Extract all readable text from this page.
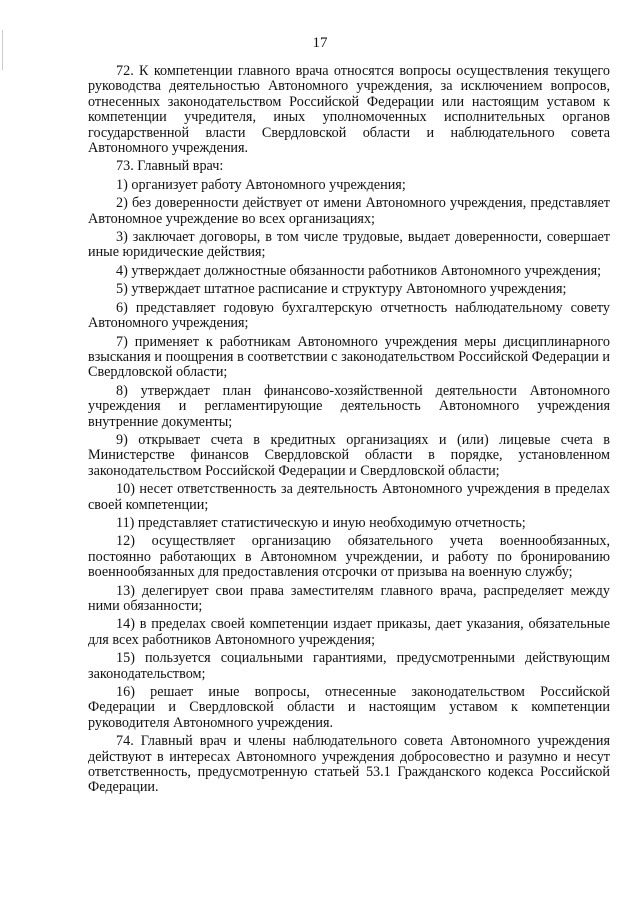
17

72. К компетенции главного врача относятся вопросы осуществления текущего руководства деятельностью Автономного учреждения, за исключением вопросов, отнесенных законодательством Российской Федерации или настоящим уставом к компетенции учредителя, иных уполномоченных исполнительных органов государственной власти Свердловской области и наблюдательного совета Автономного учреждения.

73. Главный врач:

1) организует работу Автономного учреждения;

2) без доверенности действует от имени Автономного учреждения, представляет Автономное учреждение во всех организациях;

3) заключает договоры, в том числе трудовые, выдает доверенности, совершает иные юридические действия;

4) утверждает должностные обязанности работников Автономного учреждения;

5) утверждает штатное расписание и структуру Автономного учреждения;

6) представляет годовую бухгалтерскую отчетность наблюдательному совету Автономного учреждения;

7) применяет к работникам Автономного учреждения меры дисциплинарного взыскания и поощрения в соответствии с законодательством Российской Федерации и Свердловской области;

8) утверждает план финансово-хозяйственной деятельности Автономного учреждения и регламентирующие деятельность Автономного учреждения внутренние документы;

9) открывает счета в кредитных организациях и (или) лицевые счета в Министерстве финансов Свердловской области в порядке, установленном законодательством Российской Федерации и Свердловской области;

10) несет ответственность за деятельность Автономного учреждения в пределах своей компетенции;

11) представляет статистическую и иную необходимую отчетность;

12) осуществляет организацию обязательного учета военнообязанных, постоянно работающих в Автономном учреждении, и работу по бронированию военнообязанных для предоставления отсрочки от призыва на военную службу;

13) делегирует свои права заместителям главного врача, распределяет между ними обязанности;

14) в пределах своей компетенции издает приказы, дает указания, обязательные для всех работников Автономного учреждения;

15) пользуется социальными гарантиями, предусмотренными действующим законодательством;

16) решает иные вопросы, отнесенные законодательством Российской Федерации и Свердловской области и настоящим уставом к компетенции руководителя Автономного учреждения.

74. Главный врач и члены наблюдательного совета Автономного учреждения действуют в интересах Автономного учреждения добросовестно и разумно и несут ответственность, предусмотренную статьей 53.1 Гражданского кодекса Российской Федерации.
